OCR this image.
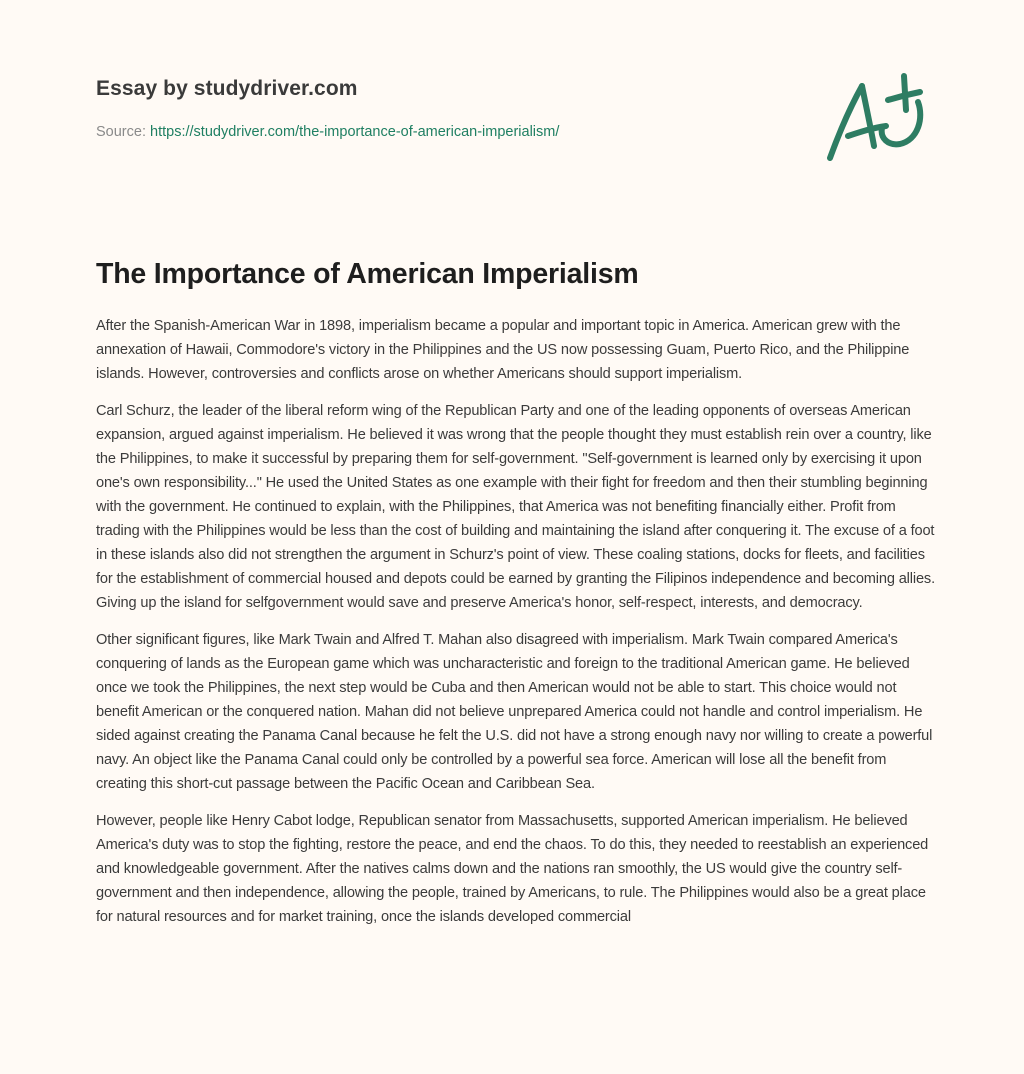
Essay by studydriver.com
Source: https://studydriver.com/the-importance-of-american-imperialism/
The Importance of American Imperialism

After the Spanish-American War in 1898, imperialism became a popular and important topic in America. American grew with the annexation of Hawaii, Commodore's victory in the Philippines and the US now possessing Guam, Puerto Rico, and the Philippine islands. However, controversies and conflicts arose on whether Americans should support imperialism.

Carl Schurz, the leader of the liberal reform wing of the Republican Party and one of the leading opponents of overseas American expansion, argued against imperialism. He believed it was wrong that the people thought they must establish rein over a country, like the Philippines, to make it successful by preparing them for self-government. "Self-government is learned only by exercising it upon one's own responsibility..." He used the United States as one example with their fight for freedom and then their stumbling beginning with the government. He continued to explain, with the Philippines, that America was not benefiting financially either. Profit from trading with the Philippines would be less than the cost of building and maintaining the island after conquering it. The excuse of a foot in these islands also did not strengthen the argument in Schurz's point of view. These coaling stations, docks for fleets, and facilities for the establishment of commercial housed and depots could be earned by granting the Filipinos independence and becoming allies. Giving up the island for selfgovernment would save and preserve America's honor, self-respect, interests, and democracy.

Other significant figures, like Mark Twain and Alfred T. Mahan also disagreed with imperialism. Mark Twain compared America's conquering of lands as the European game which was uncharacteristic and foreign to the traditional American game. He believed once we took the Philippines, the next step would be Cuba and then American would not be able to start. This choice would not benefit American or the conquered nation. Mahan did not believe unprepared America could not handle and control imperialism. He sided against creating the Panama Canal because he felt the U.S. did not have a strong enough navy nor willing to create a powerful navy. An object like the Panama Canal could only be controlled by a powerful sea force. American will lose all the benefit from creating this short-cut passage between the Pacific Ocean and Caribbean Sea.

However, people like Henry Cabot lodge, Republican senator from Massachusetts, supported American imperialism. He believed America's duty was to stop the fighting, restore the peace, and end the chaos. To do this, they needed to reestablish an experienced and knowledgeable government. After the natives calms down and the nations ran smoothly, the US would give the country self-government and then independence, allowing the people, trained by Americans, to rule. The Philippines would also be a great place for natural resources and for market training, once the islands developed commercial
